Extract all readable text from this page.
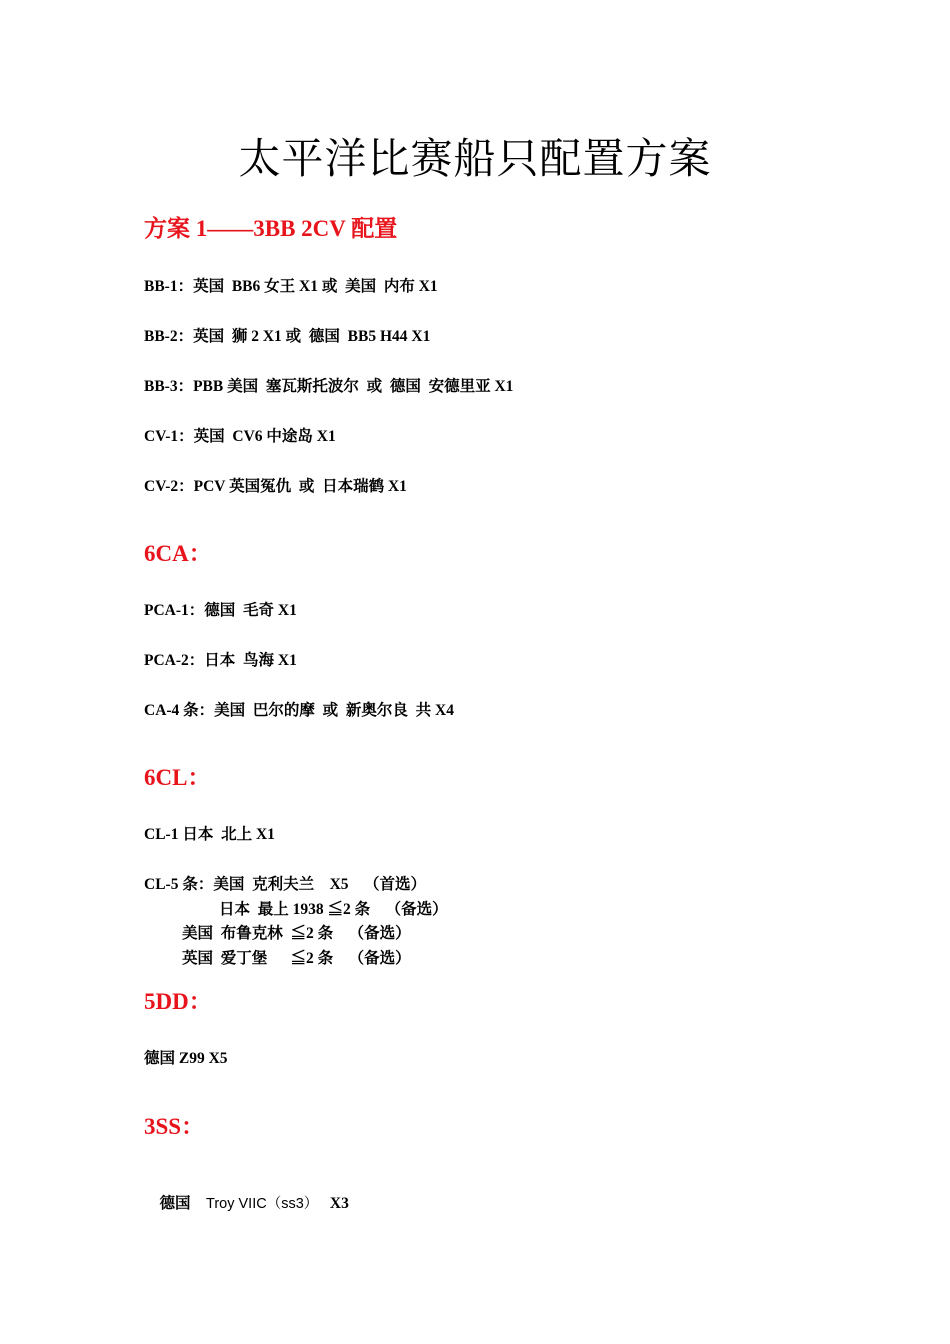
太平洋比赛船只配置方案
方案 1——3BB 2CV 配置
BB-1：英国  BB6 女王 X1 或  美国  内布 X1
BB-2：英国  狮 2 X1 或  德国  BB5 H44 X1
BB-3：PBB 美国  塞瓦斯托波尔  或  德国  安德里亚 X1
CV-1：英国  CV6 中途岛 X1
CV-2：PCV 英国冤仇  或  日本瑞鹤 X1
6CA：
PCA-1：德国  毛奇 X1
PCA-2：日本  鸟海 X1
CA-4 条：美国  巴尔的摩  或  新奥尔良  共 X4
6CL：
CL-1 日本  北上 X1
CL-5 条：美国  克利夫兰    X5    （首选）
日本  最上 1938 ≦2 条    （备选）
美国  布鲁克林  ≦2 条    （备选）
英国  爱丁堡      ≦2 条    （备选）
5DD：
德国 Z99 X5
3SS：

德国 Troy VIIC（ss3） X3
